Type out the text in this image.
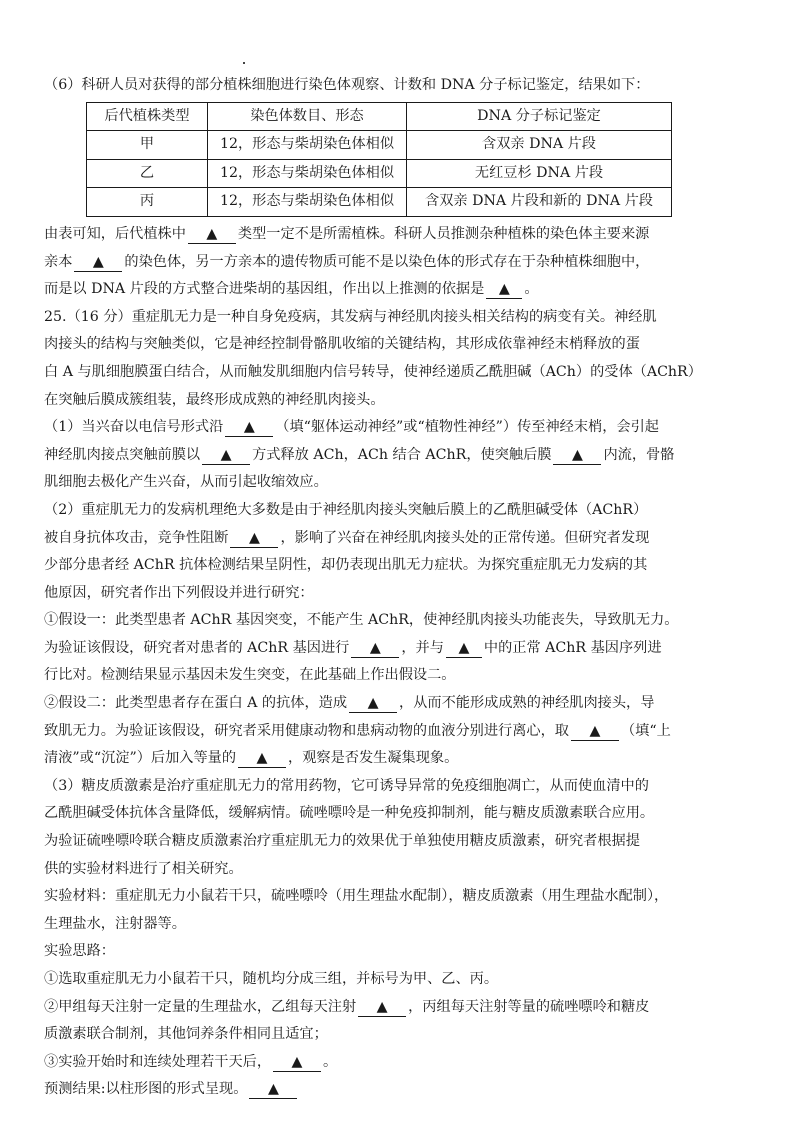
（6）科研人员对获得的部分植株细胞进行染色体观察、计数和 DNA 分子标记鉴定，结果如下：
后代植株类型	染色体数目、形态	DNA 分子标记鉴定
甲	12，形态与柴胡染色体相似	含双亲 DNA 片段
乙	12，形态与柴胡染色体相似	无红豆杉 DNA 片段
丙	12，形态与柴胡染色体相似	含双亲 DNA 片段和新的 DNA 片段
由表可知，后代植株中 ▲ 类型一定不是所需植株。科研人员推测杂种植株的染色体主要来源
亲本 ▲ 的染色体，另一方亲本的遗传物质可能不是以染色体的形式存在于杂种植株细胞中，
而是以 DNA 片段的方式整合进柴胡的基因组，作出以上推测的依据是 ▲ 。
25.（16 分）重症肌无力是一种自身免疫病，其发病与神经肌肉接头相关结构的病变有关。神经肌
肉接头的结构与突触类似，它是神经控制骨骼肌收缩的关键结构，其形成依靠神经末梢释放的蛋
白 A 与肌细胞膜蛋白结合，从而触发肌细胞内信号转导，使神经递质乙酰胆碱（ACh）的受体（AChR）
在突触后膜成簇组装，最终形成成熟的神经肌肉接头。
（1）当兴奋以电信号形式沿 ▲ （填“躯体运动神经”或“植物性神经”）传至神经末梢，会引起
神经肌肉接点突触前膜以 ▲ 方式释放 ACh，ACh 结合 AChR，使突触后膜 ▲ 内流，骨骼
肌细胞去极化产生兴奋，从而引起收缩效应。
（2）重症肌无力的发病机理绝大多数是由于神经肌肉接头突触后膜上的乙酰胆碱受体（AChR）
被自身抗体攻击，竞争性阻断 ▲ ，影响了兴奋在神经肌肉接头处的正常传递。但研究者发现
少部分患者经 AChR 抗体检测结果呈阴性，却仍表现出肌无力症状。为探究重症肌无力发病的其
他原因，研究者作出下列假设并进行研究：
①假设一：此类型患者 AChR 基因突变，不能产生 AChR，使神经肌肉接头功能丧失，导致肌无力。
为验证该假设，研究者对患者的 AChR 基因进行 ▲ ，并与 ▲ 中的正常 AChR 基因序列进
行比对。检测结果显示基因未发生突变，在此基础上作出假设二。
②假设二：此类型患者存在蛋白 A 的抗体，造成 ▲ ，从而不能形成成熟的神经肌肉接头，导
致肌无力。为验证该假设，研究者采用健康动物和患病动物的血液分别进行离心，取 ▲ （填“上
清液”或“沉淀”）后加入等量的 ▲ ，观察是否发生凝集现象。
（3）糖皮质激素是治疗重症肌无力的常用药物，它可诱导异常的免疫细胞凋亡，从而使血清中的
乙酰胆碱受体抗体含量降低，缓解病情。硫唑嘌呤是一种免疫抑制剂，能与糖皮质激素联合应用。
为验证硫唑嘌呤联合糖皮质激素治疗重症肌无力的效果优于单独使用糖皮质激素，研究者根据提
供的实验材料进行了相关研究。
实验材料：重症肌无力小鼠若干只，硫唑嘌呤（用生理盐水配制），糖皮质激素（用生理盐水配制），
生理盐水，注射器等。
实验思路：
①选取重症肌无力小鼠若干只，随机均分成三组，并标号为甲、乙、丙。
②甲组每天注射一定量的生理盐水，乙组每天注射 ▲ ，丙组每天注射等量的硫唑嘌呤和糖皮
质激素联合制剂，其他饲养条件相同且适宜；
③实验开始时和连续处理若干天后， ▲ 。
预测结果:以柱形图的形式呈现。 ▲
